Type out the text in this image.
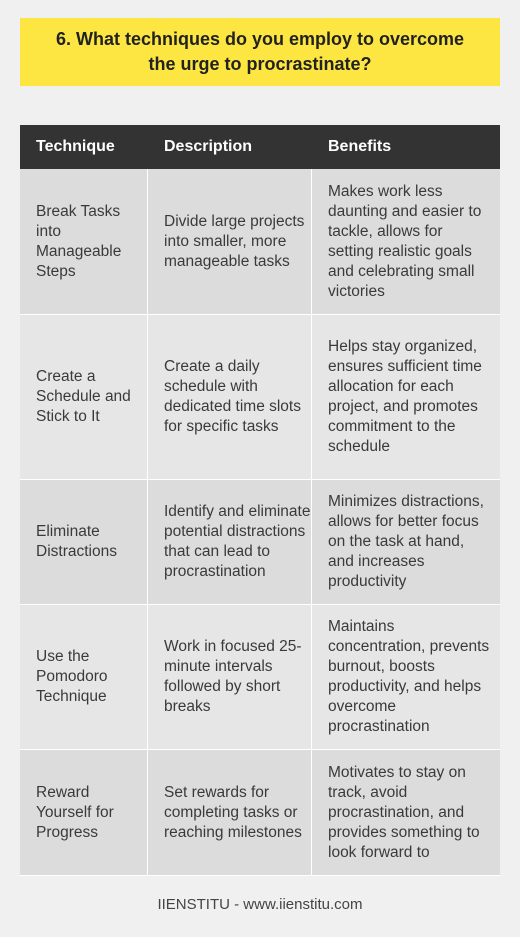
6. What techniques do you employ to overcome the urge to procrastinate?
Technique	Description	Benefits
Break Tasks into Manageable Steps
Divide large projects into smaller, more manageable tasks
Makes work less daunting and easier to tackle, allows for setting realistic goals and celebrating small victories
Create a Schedule and Stick to It
Create a daily schedule with dedicated time slots for specific tasks
Helps stay organized, ensures sufficient time allocation for each project, and promotes commitment to the schedule
Eliminate Distractions
Identify and eliminate potential distractions that can lead to procrastination
Minimizes distractions, allows for better focus on the task at hand, and increases productivity
Use the Pomodoro Technique
Work in focused 25-minute intervals followed by short breaks
Maintains concentration, prevents burnout, boosts productivity, and helps overcome procrastination
Reward Yourself for Progress
Set rewards for completing tasks or reaching milestones
Motivates to stay on track, avoid procrastination, and provides something to look forward to
IIENSTITU - www.iienstitu.com
